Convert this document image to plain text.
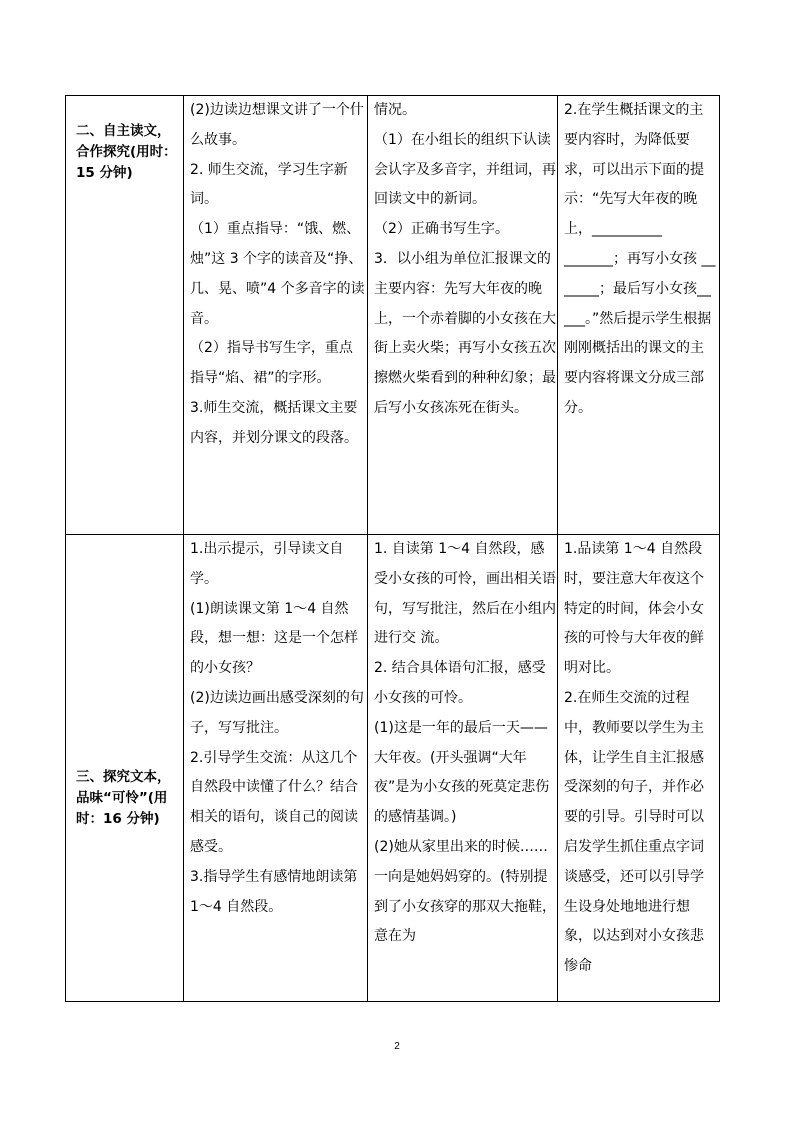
二、自主读文，合作探究(用时：15 分钟)
(2)边读边想课文讲了一个什么故事。
2. 师生交流，学习生字新词。
（1）重点指导：“饿、燃、烛”这 3 个字的读音及“挣、几、晃、喷”4 个多音字的读音。
（2）指导书写生字，重点指导“焰、裙”的字形。
3.师生交流，概括课文主要内容，并划分课文的段落。
情况。
（1）在小组长的组织下认读会认字及多音字，并组词，再回读文中的新词。
（2）正确书写生字。
3．以小组为单位汇报课文的主要内容：先写大年夜的晚上，一个赤着脚的小女孩在大街上卖火柴；再写小女孩五次擦燃火柴看到的种种幻象；最后写小女孩冻死在街头。
2.在学生概括课文的主要内容时，为降低要求，可以出示下面的提示：“先写大年夜的晚上，__________
_______；再写小女孩 _______；最后写小女孩_____。”然后提示学生根据刚刚概括出的课文的主要内容将课文分成三部分。
三、探究文本，品味“可怜”(用时：16 分钟)
1.出示提示，引导读文自学。
(1)朗读课文第 1～4 自然段，想一想：这是一个怎样的小女孩？
(2)边读边画出感受深刻的句子，写写批注。
2.引导学生交流：从这几个自然段中读懂了什么？结合相关的语句，谈自己的阅读感受。
3.指导学生有感情地朗读第 1～4 自然段。
1. 自读第 1～4 自然段，感受小女孩的可怜，画出相关语句，写写批注，然后在小组内进行交 流。
2. 结合具体语句汇报，感受小女孩的可怜。
(1)这是一年的最后一天——大年夜。(开头强调“大年夜”是为小女孩的死莫定悲伤的感情基调。)
(2)她从家里出来的时候……一向是她妈妈穿的。(特别提到了小女孩穿的那双大拖鞋，意在为
1.品读第 1～4 自然段时，要注意大年夜这个特定的时间，体会小女孩的可怜与大年夜的鲜明对比。
2.在师生交流的过程中，教师要以学生为主体，让学生自主汇报感受深刻的句子，并作必要的引导。引导时可以启发学生抓住重点字词谈感受，还可以引导学生设身处地地进行想象，以达到对小女孩悲惨命
2
